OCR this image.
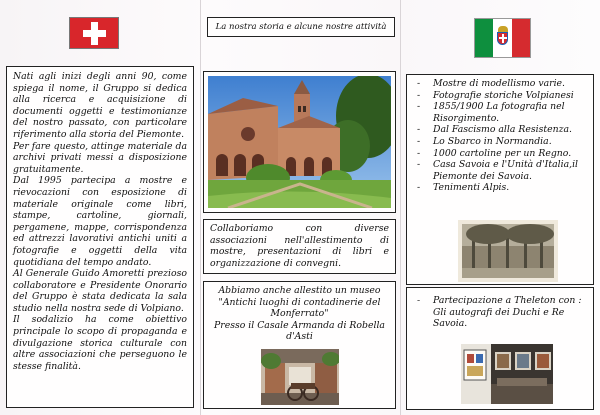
La nostra storia e alcune nostre attività

Nati agli inizi degli anni 90, come spiega il nome, il Gruppo si dedica alla ricerca e acquisizione di documenti oggetti e testimonianze del nostro passato, con particolare riferimento alla storia del Piemonte.

Per fare questo, attinge materiale da archivi privati messi a disposizione gratuitamente.

Dal 1995 partecipa a mostre e rievocazioni con esposizione di materiale originale come libri, stampe, cartoline, giornali, pergamene, mappe, corrispondenza ed attrezzi lavorativi antichi uniti a fotografie e oggetti della vita quotidiana del tempo andato.

Al Generale Guido Amoretti prezioso collaboratore e Presidente Onorario del Gruppo è stata dedicata la sala studio nella nostra sede di Volpiano.

Il sodalizio ha come obiettivo principale lo scopo di propaganda e divulgazione storica culturale con altre associazioni che perseguono le stesse finalità.

Collaboriamo con diverse associazioni nell'allestimento di mostre, presentazioni di libri e organizzazione di convegni.

Abbiamo anche allestito un museo
"Antichi luoghi di contadinerie del Monferrato"
Presso il Casale Armanda di Robella d'Asti
- Mostre di modellismo varie.
- Fotografie storiche Volpianesi
- 1855/1900 La fotografia nel Risorgimento.
- Dal Fascismo alla Resistenza.
- Lo Sbarco in Normandia.
- 1000 cartoline per un Regno.
- Casa Savoia e l'Unità d'Italia,il Piemonte dei Savoia.
- Tenimenti Alpis.
- Partecipazione a Theleton con : Gli autografi dei Duchi e Re Savoia.
